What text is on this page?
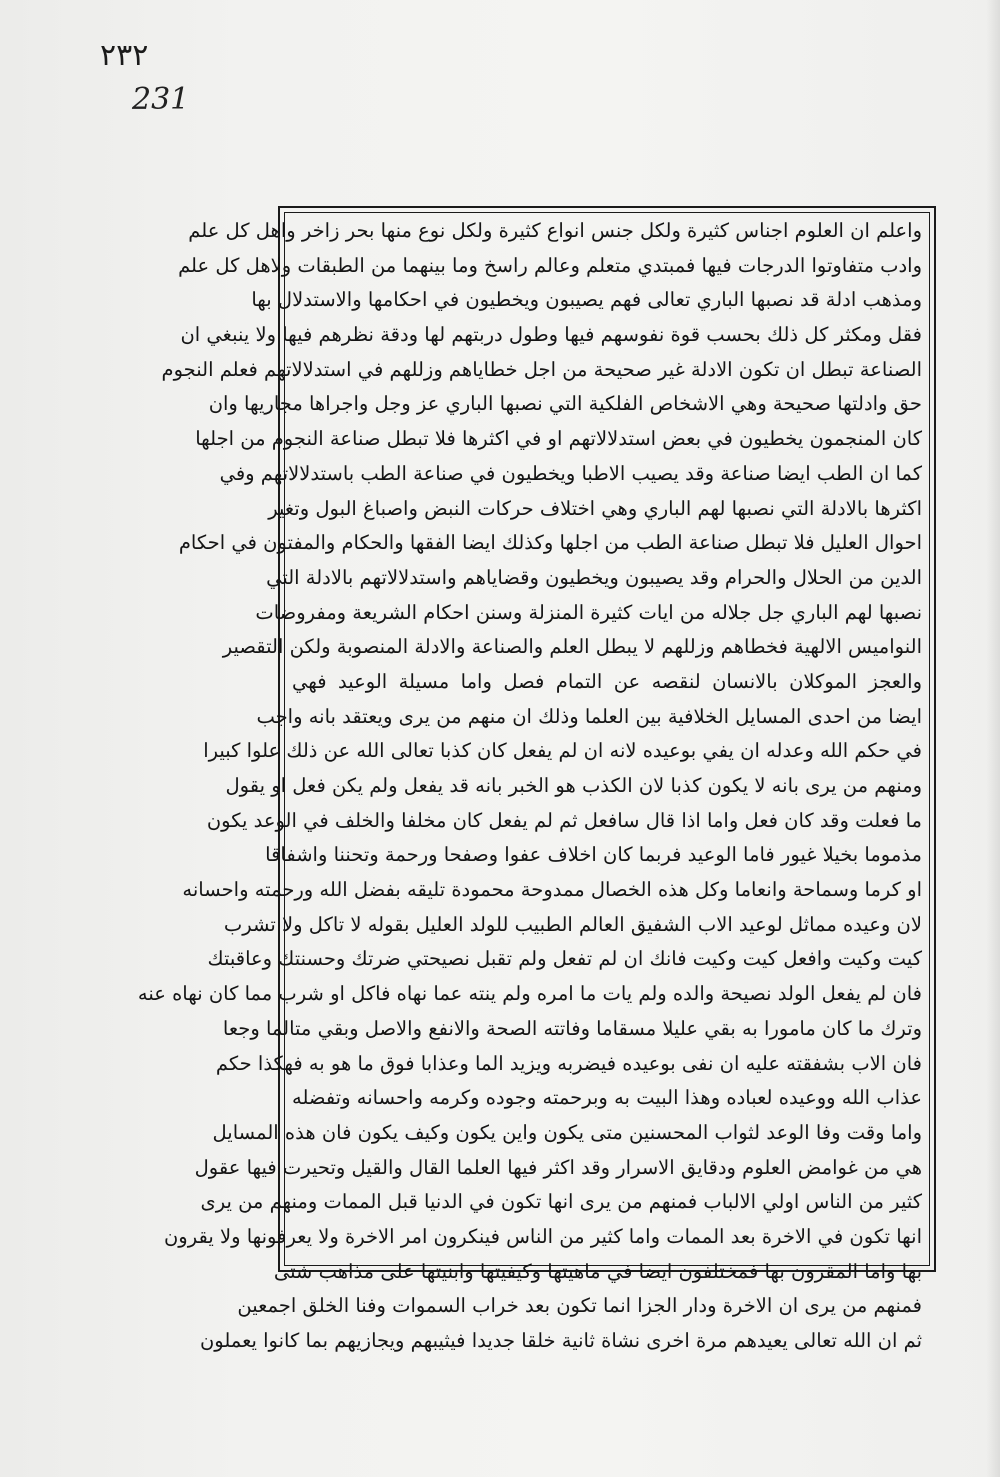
٢٣٢
231
واعلم ان العلوم اجناس كثيرة ولكل جنس انواع كثيرة ولكل نوع منها بحر زاخر واهل كل علم
وادب متفاوتوا الدرجات فيها فمبتدي متعلم وعالم راسخ وما بينهما من الطبقات ولاهل كل علم
ومذهب ادلة قد نصبها الباري تعالى فهم يصيبون ويخطيون في احكامها والاستدلال بها
فقل ومكثر كل ذلك بحسب قوة نفوسهم فيها وطول دربتهم لها ودقة نظرهم فيها ولا ينبغي ان
الصناعة تبطل ان تكون الادلة غير صحيحة من اجل خطاياهم وزللهم في استدلالاتهم فعلم النجوم
حق وادلتها صحيحة وهي الاشخاص الفلكية التي نصبها الباري عز وجل واجراها مجاريها وان
كان المنجمون يخطيون في بعض استدلالاتهم او في اكثرها فلا تبطل صناعة النجوم من اجلها
كما ان الطب ايضا صناعة وقد يصيب الاطبا ويخطيون في صناعة الطب باستدلالاتهم وفي
اكثرها بالادلة التي نصبها لهم الباري وهي اختلاف حركات النبض واصباغ البول وتغير
احوال العليل فلا تبطل صناعة الطب من اجلها وكذلك ايضا الفقها والحكام والمفتون في احكام
الدين من الحلال والحرام وقد يصيبون ويخطيون وقضاياهم واستدلالاتهم بالادلة التي
نصبها لهم الباري جل جلاله من ايات كثيرة المنزلة وسنن احكام الشريعة ومفروضات
النواميس الالهية فخطاهم وزللهم لا يبطل العلم والصناعة والادلة المنصوبة ولكن التقصير
والعجز الموكلان بالانسان لنقصه عن التمام فصل واما مسيلة الوعيد فهي
ايضا من احدى المسايل الخلافية بين العلما وذلك ان منهم من يرى ويعتقد بانه واجب
في حكم الله وعدله ان يفي بوعيده لانه ان لم يفعل كان كذبا تعالى الله عن ذلك علوا كبيرا
ومنهم من يرى بانه لا يكون كذبا لان الكذب هو الخبر بانه قد يفعل ولم يكن فعل او يقول
ما فعلت وقد كان فعل واما اذا قال سافعل ثم لم يفعل كان مخلفا والخلف في الوعد يكون
مذموما بخيلا غيور فاما الوعيد فربما كان اخلاف عفوا وصفحا ورحمة وتحننا واشفاقا
او كرما وسماحة وانعاما وكل هذه الخصال ممدوحة محمودة تليقه بفضل الله ورحمته واحسانه
لان وعيده مماثل لوعيد الاب الشفيق العالم الطبيب للولد العليل بقوله لا تاكل ولا تشرب
كيت وكيت وافعل كيت وكيت فانك ان لم تفعل ولم تقبل نصيحتي ضرتك وحسنتك وعاقبتك
فان لم يفعل الولد نصيحة والده ولم يات ما امره ولم ينته عما نهاه فاكل او شرب مما كان نهاه عنه
وترك ما كان مامورا به بقي عليلا مسقاما وفاتته الصحة والانفع والاصل وبقي متالما وجعا
فان الاب بشفقته عليه ان نفى بوعيده فيضربه ويزيد الما وعذابا فوق ما هو به فهكذا حكم
عذاب الله ووعيده لعباده وهذا البيت به وبرحمته وجوده وكرمه واحسانه وتفضله
واما وقت وفا الوعد لثواب المحسنين متى يكون واين يكون وكيف يكون فان هذه المسايل
هي من غوامض العلوم ودقايق الاسرار وقد اكثر فيها العلما القال والقيل وتحيرت فيها عقول
كثير من الناس اولي الالباب فمنهم من يرى انها تكون في الدنيا قبل الممات ومنهم من يرى
انها تكون في الاخرة بعد الممات واما كثير من الناس فينكرون امر الاخرة ولا يعرفونها ولا يقرون
بها واما المقرون بها فمختلفون ايضا في ماهيتها وكيفيتها وابنيتها على مذاهب شتى
فمنهم من يرى ان الاخرة ودار الجزا انما تكون بعد خراب السموات وفنا الخلق اجمعين
ثم ان الله تعالى يعيدهم مرة اخرى نشاة ثانية خلقا جديدا فيثيبهم ويجازيهم بما كانوا يعملون
